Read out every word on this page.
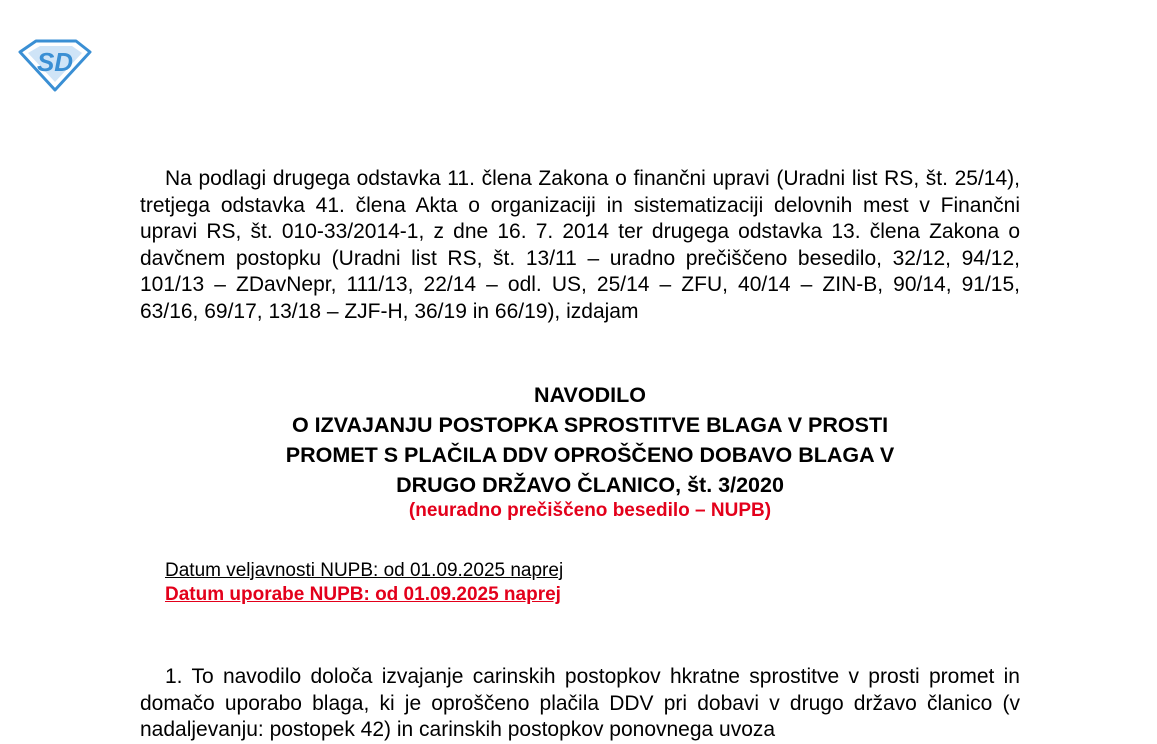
SD
Na podlagi drugega odstavka 11. člena Zakona o finančni upravi (Uradni list RS, št. 25/14), tretjega odstavka 41. člena Akta o organizaciji in sistematizaciji delovnih mest v Finančni upravi RS, št. 010-33/2014-1, z dne 16. 7. 2014 ter drugega odstavka 13. člena Zakona o davčnem postopku (Uradni list RS, št. 13/11 – uradno prečiščeno besedilo, 32/12, 94/12, 101/13 – ZDavNepr, 111/13, 22/14 – odl. US, 25/14 – ZFU, 40/14 – ZIN-B, 90/14, 91/15, 63/16, 69/17, 13/18 – ZJF-H, 36/19 in 66/19), izdajam
NAVODILO
O IZVAJANJU POSTOPKA SPROSTITVE BLAGA V PROSTI
PROMET S PLAČILA DDV OPROŠČENO DOBAVO BLAGA V
DRUGO DRŽAVO ČLANICO, št. 3/2020
(neuradno prečiščeno besedilo – NUPB)
Datum veljavnosti NUPB: od 01.09.2025 naprej
Datum uporabe NUPB: od 01.09.2025 naprej
1. To navodilo določa izvajanje carinskih postopkov hkratne sprostitve v prosti promet in domačo uporabo blaga, ki je oproščeno plačila DDV pri dobavi v drugo državo članico (v nadaljevanju: postopek 42) in carinskih postopkov ponovnega uvoza
